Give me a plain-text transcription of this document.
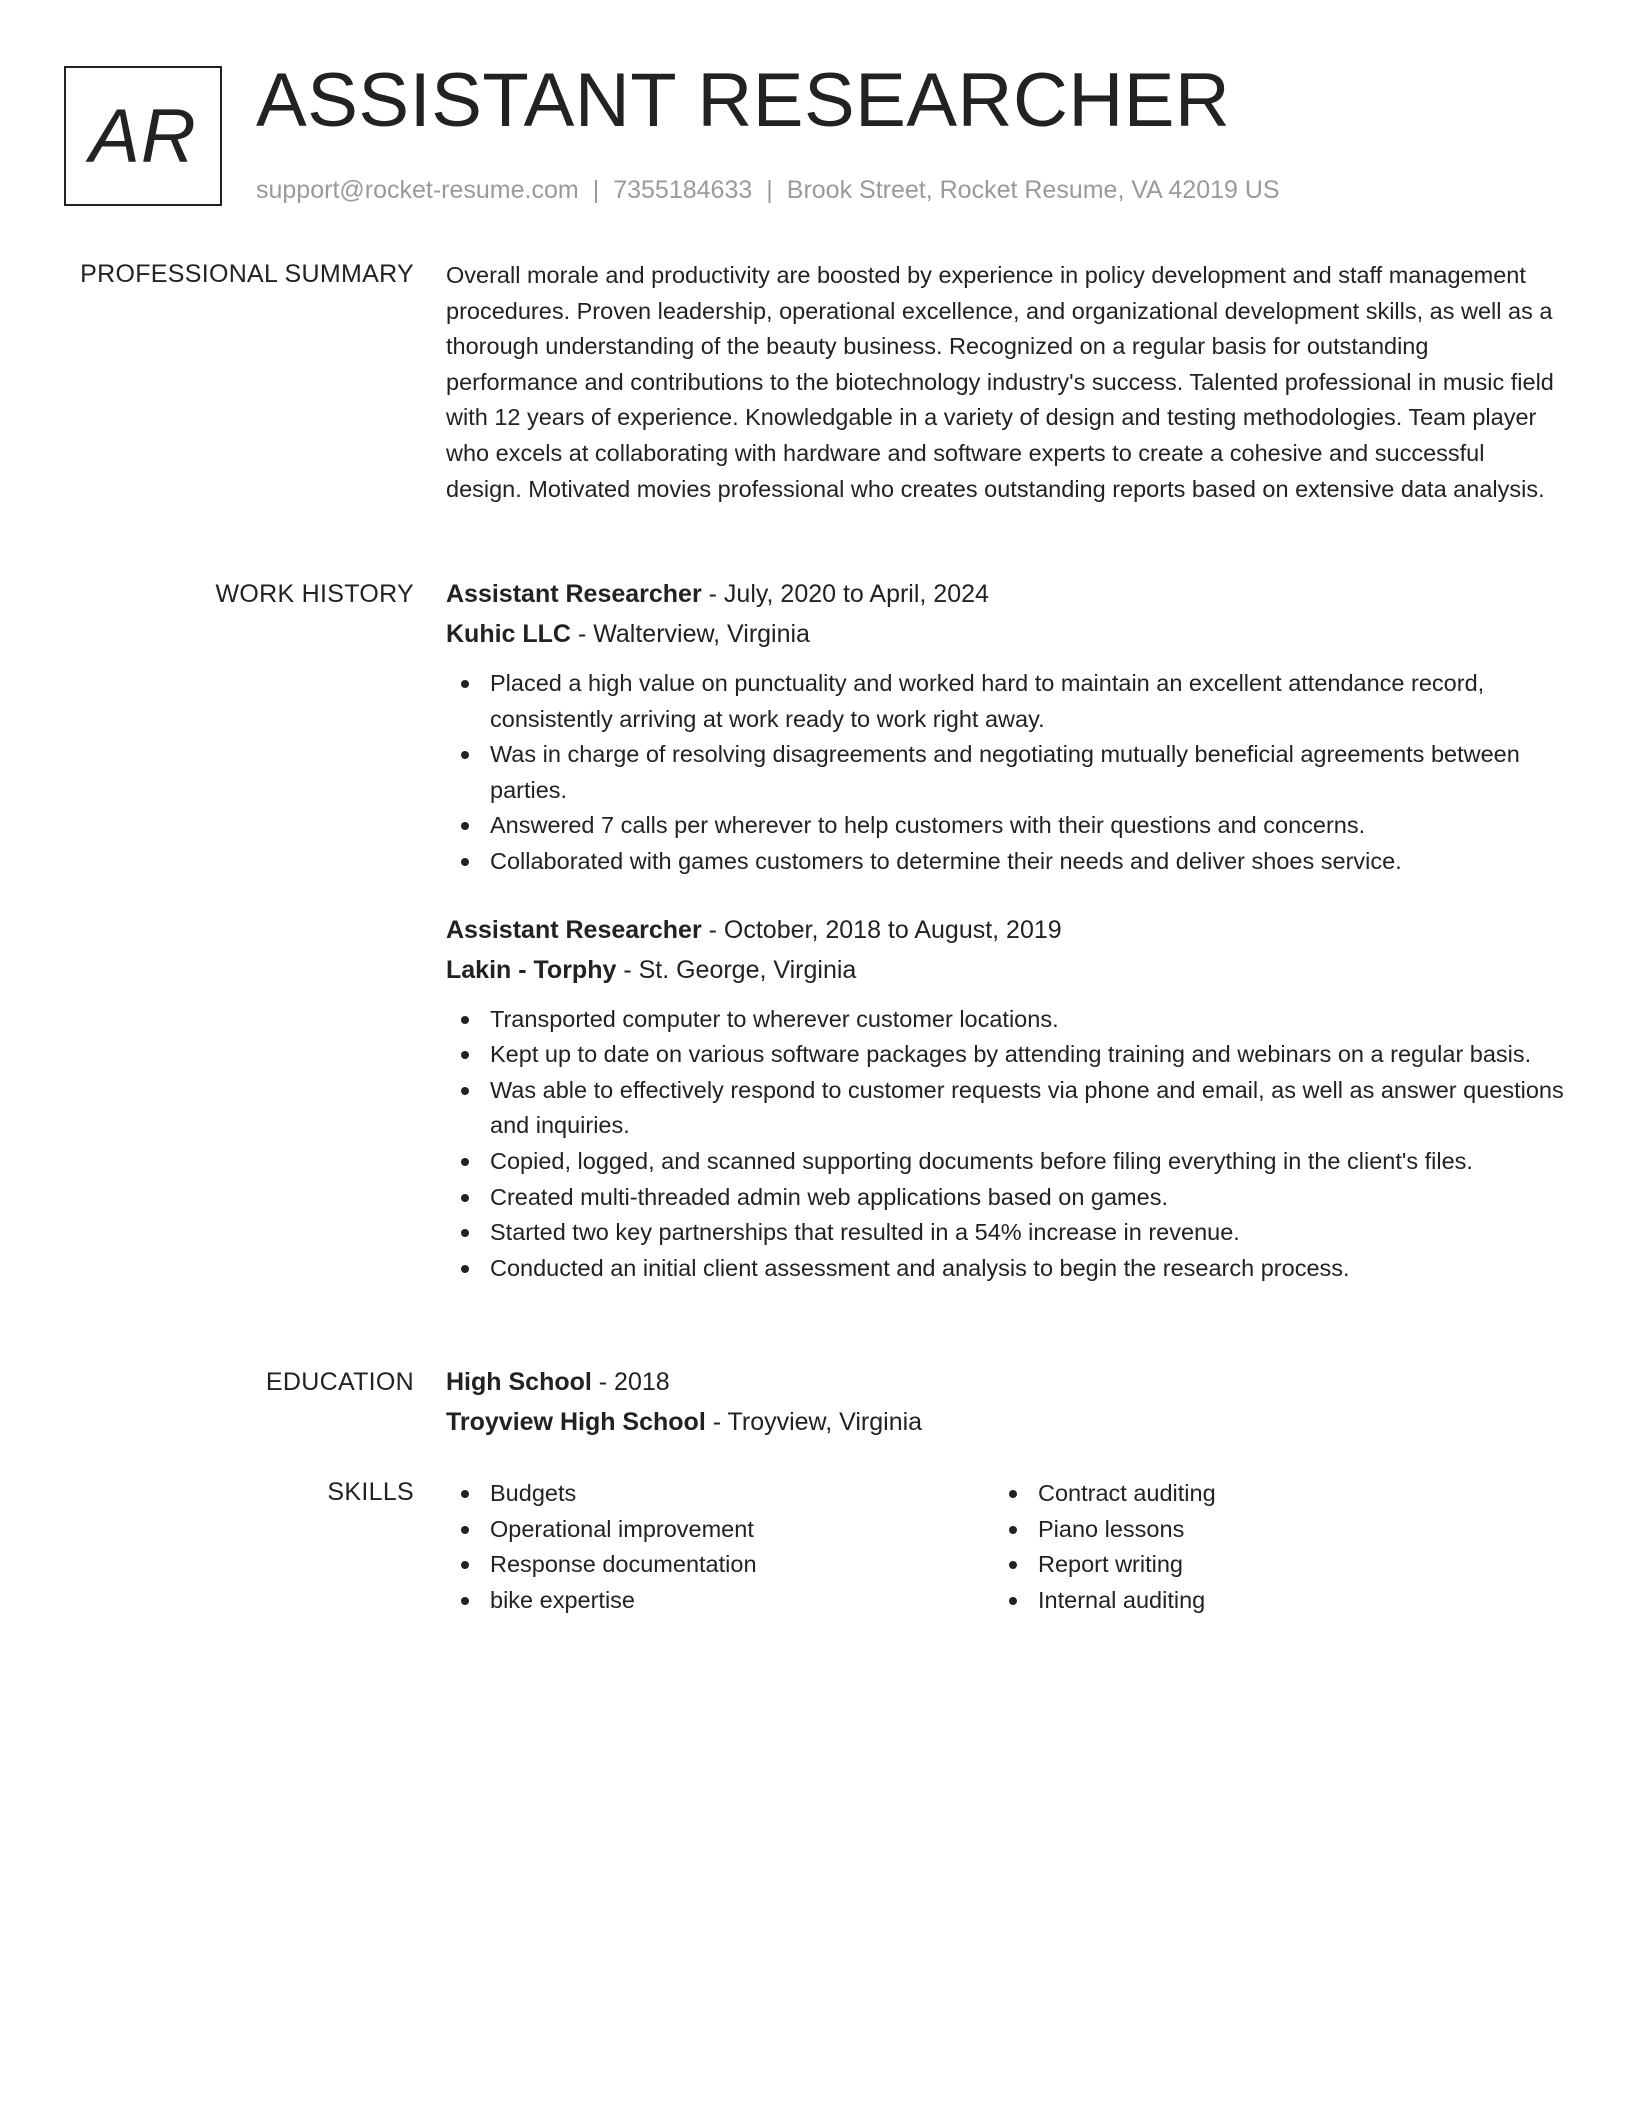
AR ASSISTANT RESEARCHER
support@rocket-resume.com | 7355184633 | Brook Street, Rocket Resume, VA 42019 US
PROFESSIONAL SUMMARY Overall morale and productivity are boosted by experience in policy development and staff management procedures. Proven leadership, operational excellence, and organizational development skills, as well as a thorough understanding of the beauty business. Recognized on a regular basis for outstanding performance and contributions to the biotechnology industry's success. Talented professional in music field with 12 years of experience. Knowledgable in a variety of design and testing methodologies. Team player who excels at collaborating with hardware and software experts to create a cohesive and successful design. Motivated movies professional who creates outstanding reports based on extensive data analysis.

WORK HISTORY Assistant Researcher - July, 2020 to April, 2024
Kuhic LLC - Walterview, Virginia
Placed a high value on punctuality and worked hard to maintain an excellent attendance record, consistently arriving at work ready to work right away.
Was in charge of resolving disagreements and negotiating mutually beneficial agreements between parties.
Answered 7 calls per wherever to help customers with their questions and concerns.
Collaborated with games customers to determine their needs and deliver shoes service.
Assistant Researcher - October, 2018 to August, 2019
Lakin - Torphy - St. George, Virginia
Transported computer to wherever customer locations.
Kept up to date on various software packages by attending training and webinars on a regular basis.
Was able to effectively respond to customer requests via phone and email, as well as answer questions and inquiries.
Copied, logged, and scanned supporting documents before filing everything in the client's files.
Created multi-threaded admin web applications based on games.
Started two key partnerships that resulted in a 54% increase in revenue.
Conducted an initial client assessment and analysis to begin the research process.
EDUCATION High School - 2018
Troyview High School - Troyview, Virginia
SKILLS	Budgets
Operational improvement
Response documentation
bike expertise
Contract auditing
Piano lessons
Report writing
Internal auditing
